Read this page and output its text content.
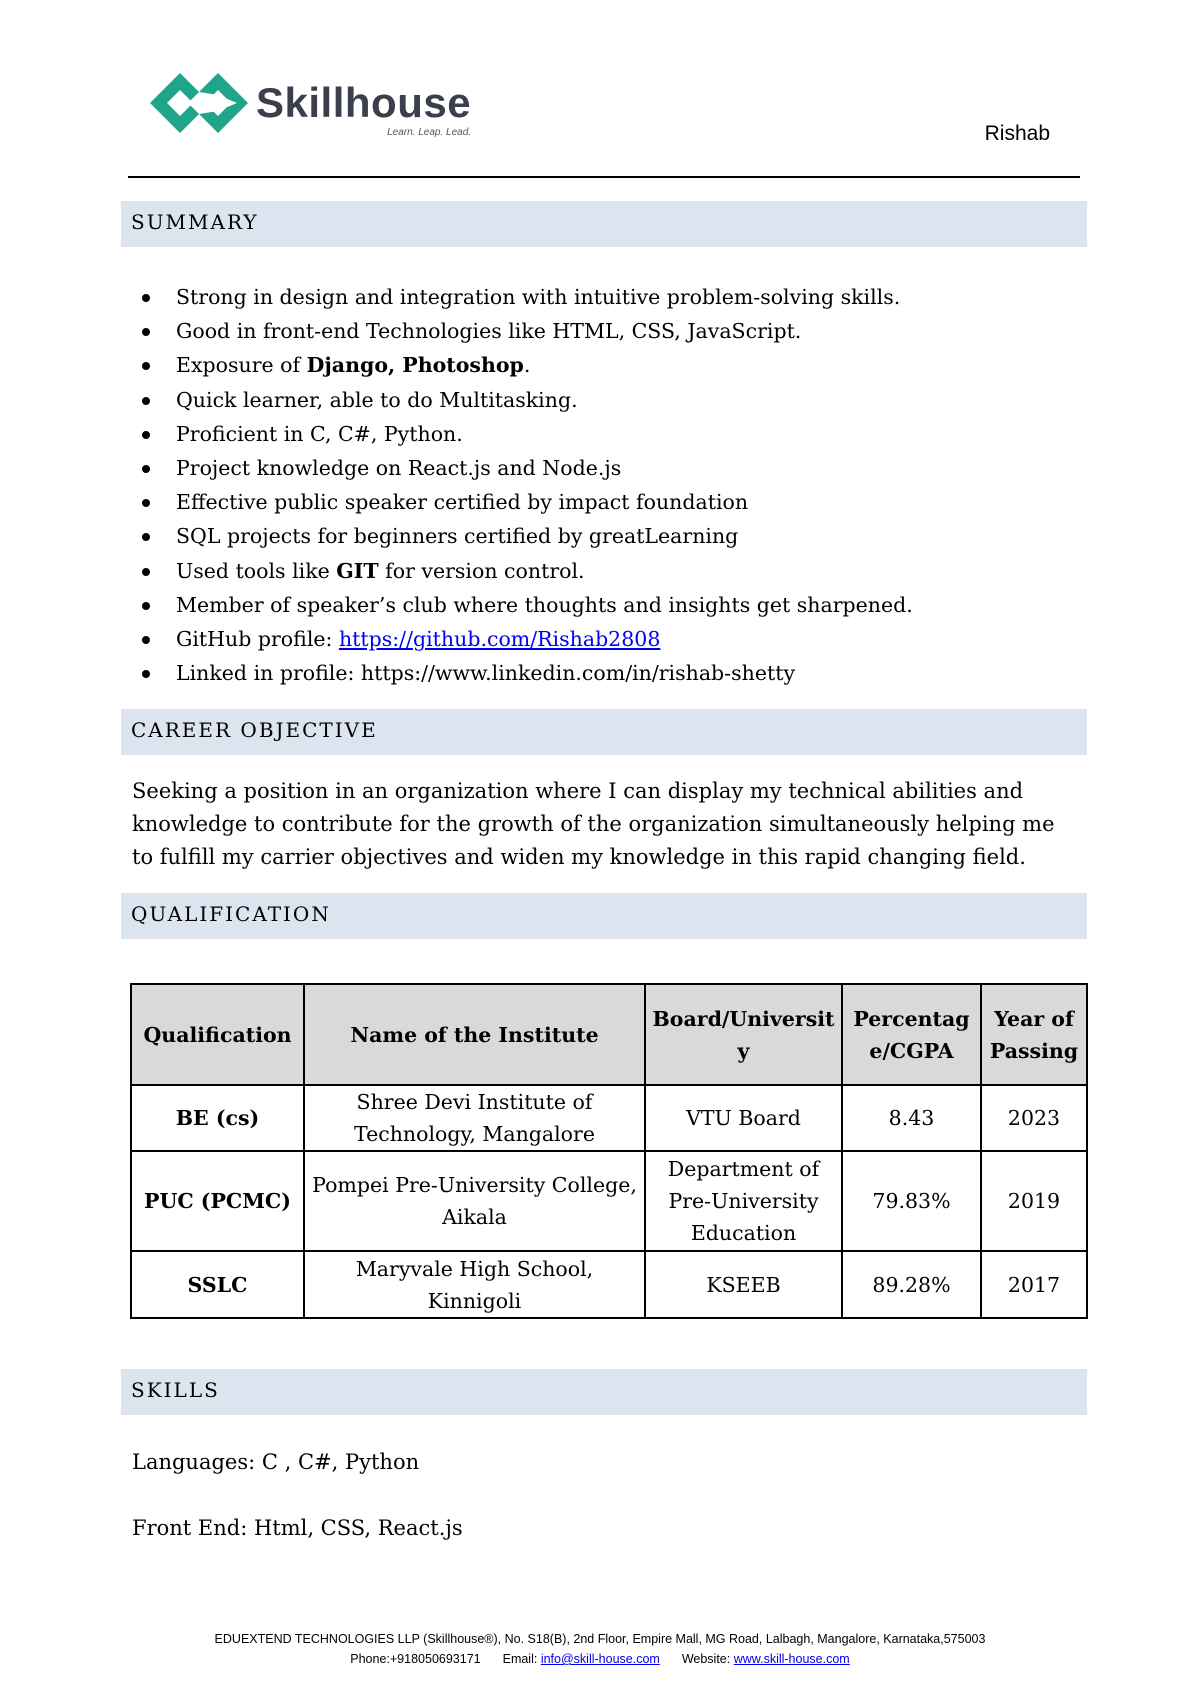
Skillhouse
Learn. Leap. Lead.	Rishab
SUMMARY
Strong in design and integration with intuitive problem-solving skills.
Good in front-end Technologies like HTML, CSS, JavaScript.
Exposure of Django, Photoshop.
Quick learner, able to do Multitasking.
Proficient in C, C#, Python.
Project knowledge on React.js and Node.js
Effective public speaker certified by impact foundation
SQL projects for beginners certified by greatLearning
Used tools like GIT for version control.
Member of speaker’s club where thoughts and insights get sharpened.
GitHub profile: https://github.com/Rishab2808
Linked in profile: https://www.linkedin.com/in/rishab-shetty
CAREER OBJECTIVE
Seeking a position in an organization where I can display my technical abilities and knowledge to contribute for the growth of the organization simultaneously helping me to fulfill my carrier objectives and widen my knowledge in this rapid changing field.
QUALIFICATION
Qualification	Name of the Institute	Board/University	Percentage/CGPA	Year of Passing
BE (cs)	Shree Devi Institute of Technology, Mangalore	VTU Board	8.43	2023
PUC (PCMC)	Pompei Pre-University College, Aikala	Department of Pre-University Education	79.83%	2019
SSLC	Maryvale High School, Kinnigoli	KSEEB	89.28%	2017
SKILLS
Languages: C , C#, Python
Front End: Html, CSS, React.js
EDUEXTEND TECHNOLOGIES LLP (Skillhouse®), No. S18(B), 2nd Floor, Empire Mall, MG Road, Lalbagh, Mangalore, Karnataka,575003
Phone:+918050693171 Email: info@skill-house.com Website: www.skill-house.com
